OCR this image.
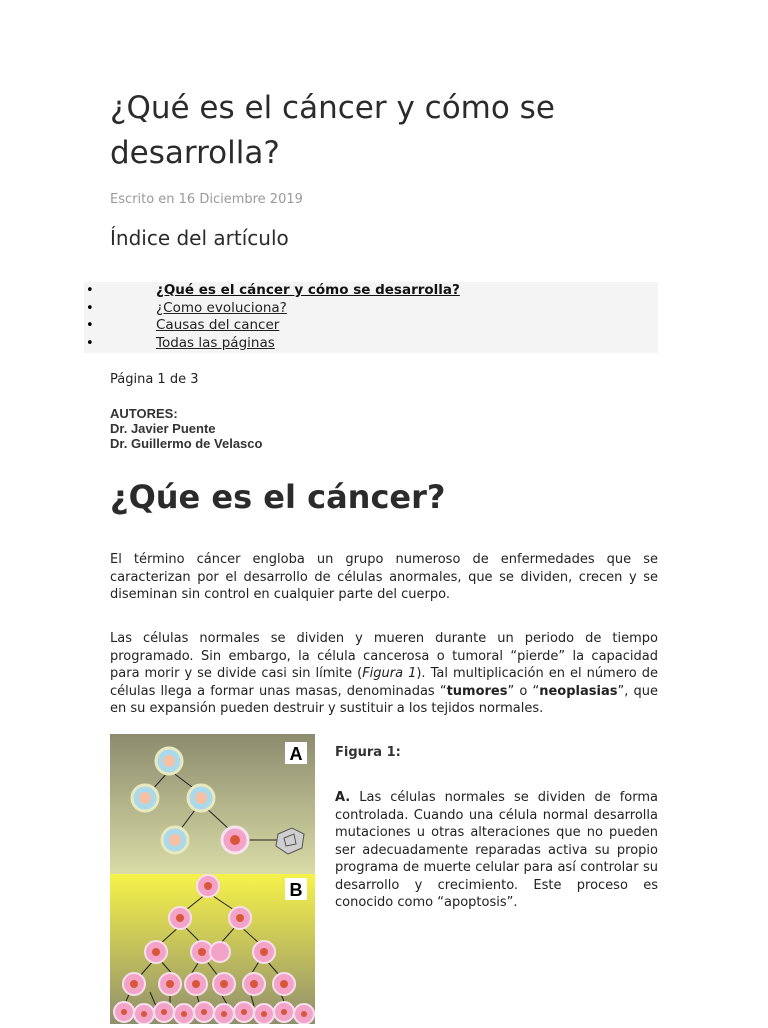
¿Qué es el cáncer y cómo se desarrolla?
Escrito en 16 Diciembre 2019
Índice del artículo
•	¿Qué es el cáncer y cómo se desarrolla?
•	¿Como evoluciona?
•	Causas del cancer
•	Todas las páginas
Página 1 de 3
AUTORES:
Dr. Javier Puente
Dr. Guillermo de Velasco
¿Qúe es el cáncer?

El término cáncer engloba un grupo numeroso de enfermedades que se caracterizan por el desarrollo de células anormales, que se dividen, crecen y se diseminan sin control en cualquier parte del cuerpo.

Las células normales se dividen y mueren durante un periodo de tiempo programado. Sin embargo, la célula cancerosa o tumoral “pierde” la capacidad para morir y se divide casi sin límite (Figura 1). Tal multiplicación en el número de células llega a formar unas masas, denominadas “tumores” o “neoplasias”, que en su expansión pueden destruir y sustituir a los tejidos normales.

A
B
Figura 1:

A. Las células normales se dividen de forma controlada. Cuando una célula normal desarrolla mutaciones u otras alteraciones que no pueden ser adecuadamente reparadas activa su propio programa de muerte celular para así controlar su desarrollo y crecimiento. Este proceso es conocido como “apoptosis”.
